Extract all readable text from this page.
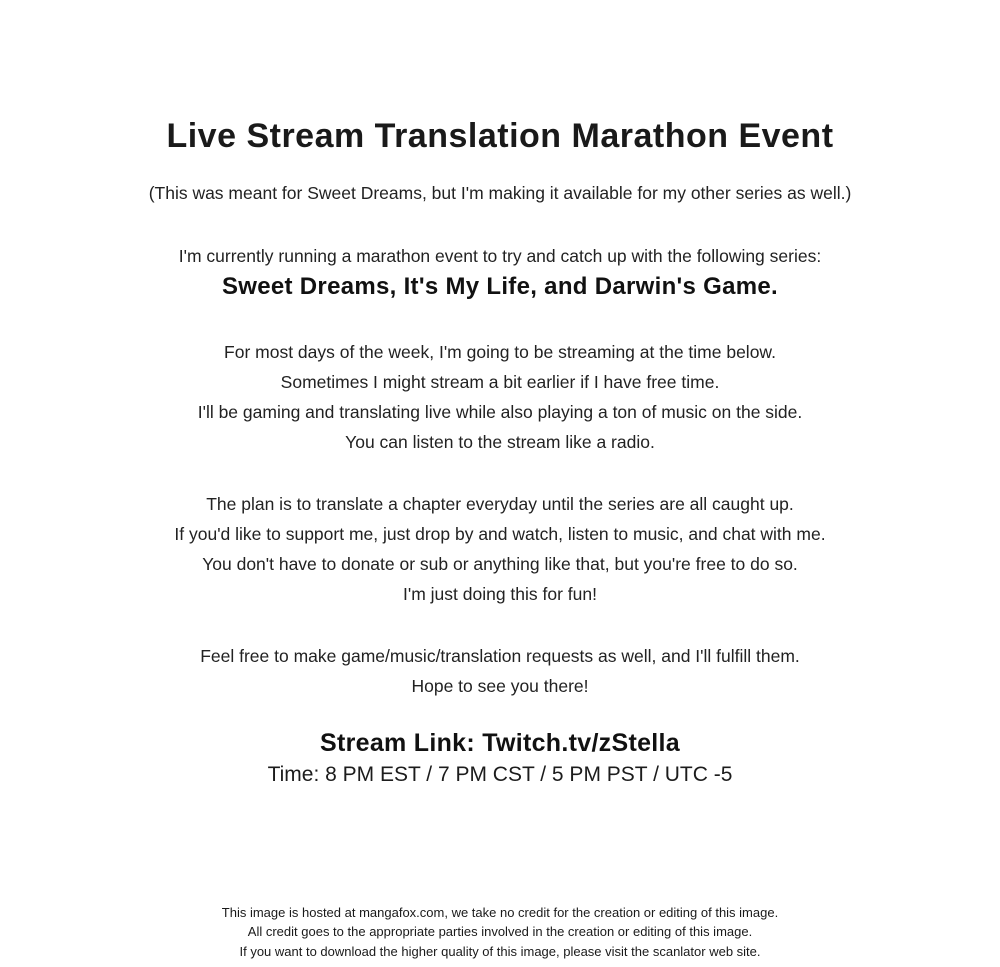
Live Stream Translation Marathon Event
(This was meant for Sweet Dreams, but I'm making it available for my other series as well.)
I'm currently running a marathon event to try and catch up with the following series:
Sweet Dreams, It's My Life, and Darwin's Game.
For most days of the week, I'm going to be streaming at the time below.
Sometimes I might stream a bit earlier if I have free time.
I'll be gaming and translating live while also playing a ton of music on the side.
You can listen to the stream like a radio.
The plan is to translate a chapter everyday until the series are all caught up.
If you'd like to support me, just drop by and watch, listen to music, and chat with me.
You don't have to donate or sub or anything like that, but you're free to do so.
I'm just doing this for fun!
Feel free to make game/music/translation requests as well, and I'll fulfill them.
Hope to see you there!
Stream Link: Twitch.tv/zStella
Time: 8 PM EST / 7 PM CST / 5 PM PST / UTC -5
This image is hosted at mangafox.com, we take no credit for the creation or editing of this image.
All credit goes to the appropriate parties involved in the creation or editing of this image.
If you want to download the higher quality of this image, please visit the scanlator web site.
